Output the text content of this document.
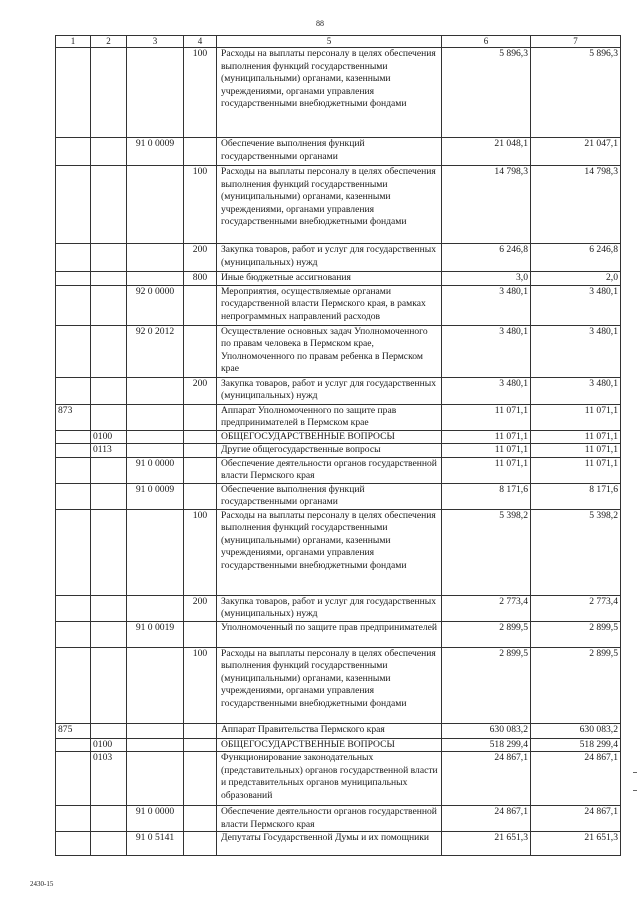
88
1	2	3	4	5	6	7
			100	Расходы на выплаты персоналу в целях обеспечения выполнения функций государственными (муниципальными) органами, казенными учреждениями, органами управления государственными внебюджетными фондами	5 896,3	5 896,3
		91 0 0009		Обеспечение выполнения функций государственными органами	21 048,1	21 047,1
			100	Расходы на выплаты персоналу в целях обеспечения выполнения функций государственными (муниципальными) органами, казенными учреждениями, органами управления государственными внебюджетными фондами	14 798,3	14 798,3
			200	Закупка товаров, работ и услуг для государственных (муниципальных) нужд	6 246,8	6 246,8
			800	Иные бюджетные ассигнования	3,0	2,0
		92 0 0000		Мероприятия, осуществляемые органами государственной власти Пермского края, в рамках непрограммных направлений расходов	3 480,1	3 480,1
		92 0 2012		Осуществление основных задач Уполномоченного по правам человека в Пермском крае, Уполномоченного по правам ребенка в Пермском крае	3 480,1	3 480,1
			200	Закупка товаров, работ и услуг для государственных (муниципальных) нужд	3 480,1	3 480,1
873				Аппарат Уполномоченного по защите прав предпринимателей в Пермском крае	11 071,1	11 071,1
	0100			ОБЩЕГОСУДАРСТВЕННЫЕ ВОПРОСЫ	11 071,1	11 071,1
	0113			Другие общегосударственные вопросы	11 071,1	11 071,1
		91 0 0000		Обеспечение деятельности органов государственной власти Пермского края	11 071,1	11 071,1
		91 0 0009		Обеспечение выполнения функций государственными органами	8 171,6	8 171,6
			100	Расходы на выплаты персоналу в целях обеспечения выполнения функций государственными (муниципальными) органами, казенными учреждениями, органами управления государственными внебюджетными фондами	5 398,2	5 398,2
			200	Закупка товаров, работ и услуг для государственных (муниципальных) нужд	2 773,4	2 773,4
		91 0 0019		Уполномоченный по защите прав предпринимателей	2 899,5	2 899,5
			100	Расходы на выплаты персоналу в целях обеспечения выполнения функций государственными (муниципальными) органами, казенными учреждениями, органами управления государственными внебюджетными фондами	2 899,5	2 899,5
875				Аппарат Правительства Пермского края	630 083,2	630 083,2
	0100			ОБЩЕГОСУДАРСТВЕННЫЕ ВОПРОСЫ	518 299,4	518 299,4
	0103			Функционирование законодательных (представительных) органов государственной власти и представительных органов муниципальных образований	24 867,1	24 867,1
		91 0 0000		Обеспечение деятельности органов государственной власти Пермского края	24 867,1	24 867,1
		91 0 5141		Депутаты Государственной Думы и их помощники	21 651,3	21 651,3
2430-15
